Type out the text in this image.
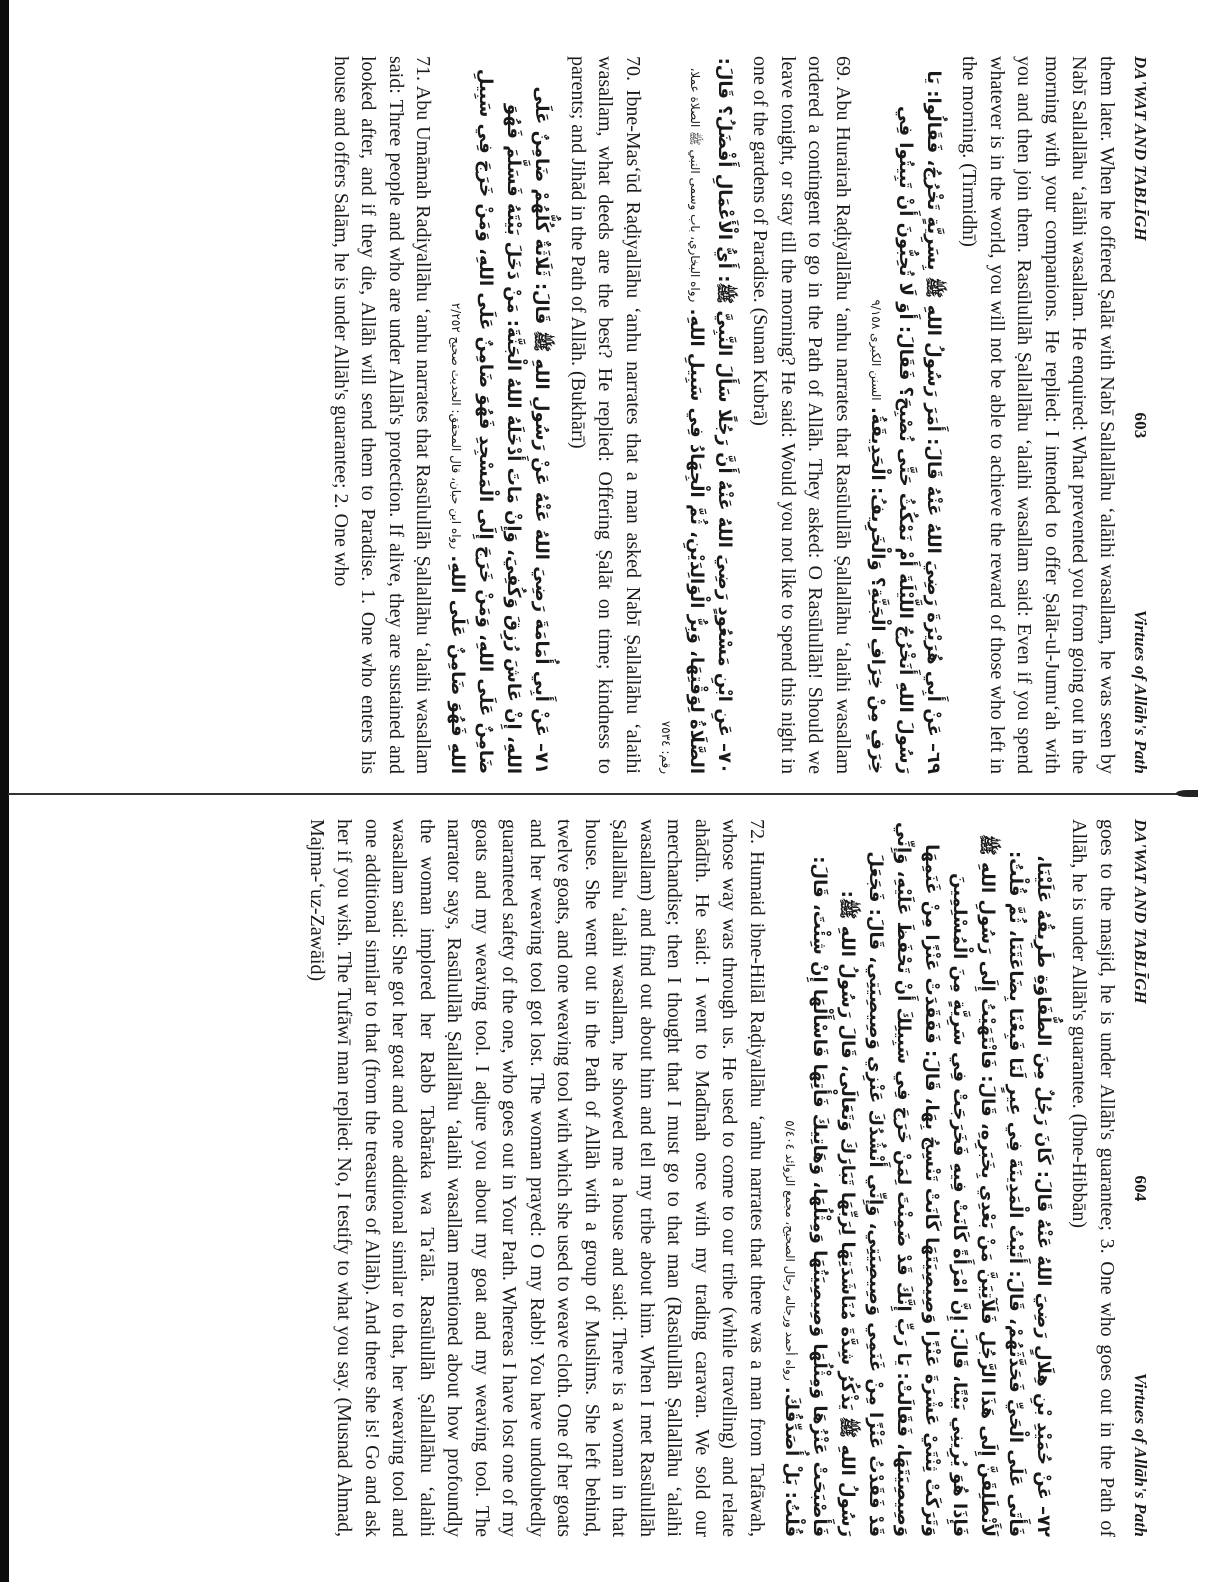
DA'WAT AND TABLĪGH
603
Virtues of Allāh's Path

them later. When he offered Ṣalāt with Nabī Sallallāhu ʻalāihi wasallam, he was seen by Nabī Sallallāhu ʻalāihi wasallam. He enquired: What prevented you from going out in the morning with your companions. He replied: I intended to offer Ṣalāt-ul-Jumuʻah with you and then join them. Rasūlullāh Ṣallallāhu ʻalaihi wasallam said: Even if you spend whatever is in the world, you will not be able to achieve the reward of those who left in the morning. (Tirmidhī)

٦٩– عَنْ أَبِي هُرَيْرَةَ رَضِيَ اللهُ عَنْهُ قَالَ: أَمَرَ رَسُولُ اللهِ ﷺ بِسَرِيَّةٍ تَخْرُجُ، فَقَالُوا: يَا رَسُولَ اللهِ أَنَخْرُجُ اللَّيْلَةَ أَمْ نَمْكُثُ حَتَّى نُصْبِحَ؟ فَقَالَ: أَوَ لَا تُحِبُّونَ أَنْ تَبِيتُوا فِي خِرَفٍ مِنْ خِرَافِ الْجَنَّةِ؟ وَالْخَرِيفُ: الْحَدِيقَةُ. السنن الكبرى ٩/١٥٨

69. Abu Hurairah Raḍiyallāhu ʻanhu narrates that Rasūlullāh Ṣallallāhu ʻalaihi wasallam ordered a contingent to go in the Path of Allāh. They asked: O Rasūlullāh! Should we leave tonight, or stay till the morning? He said: Would you not like to spend this night in one of the gardens of Paradise. (Sunan Kubrā)

٧٠– عَنِ ابْنِ مَسْعُودٍ رَضِيَ اللهُ عَنْهُ أَنَّ رَجُلًا سَأَلَ النَّبِيَّ ﷺ: أَيُّ الْأَعْمَالِ أَفْضَلُ؟ قَالَ: الصَّلَاةُ لِوَقْتِهَا، وَبِرُّ الْوَالِدَيْنِ، ثُمَّ الْجِهَادُ فِي سَبِيلِ اللهِ. رواه البخاري، باب وسمى النبي ﷺ الصلاة عملا، رقم: ٧٥٣٤

70. Ibne-Masʻūd Raḍiyallāhu ʻanhu narrates that a man asked Nabī Ṣallallāhu ʻalaihi wasallam, what deeds are the best? He replied: Offering Ṣalāt on time; kindness to parents; and Jihād in the Path of Allāh. (Bukhārī)

٧١– عَنْ أَبِي أُمَامَةَ رَضِيَ اللهُ عَنْهُ عَنْ رَسُولِ اللهِ ﷺ قَالَ: ثَلَاثَةٌ كُلُّهُمْ ضَامِنٌ عَلَى اللهِ، إِنْ عَاشَ رُزِقَ وَكُفِيَ، وَإِنْ مَاتَ أَدْخَلَهُ اللهُ الْجَنَّةَ: مَنْ دَخَلَ بَيْتَهُ فَسَلَّمَ فَهُوَ ضَامِنٌ عَلَى اللهِ، وَمَنْ خَرَجَ إِلَى الْمَسْجِدِ فَهُوَ ضَامِنٌ عَلَى اللهِ، وَمَنْ خَرَجَ فِي سَبِيلِ اللهِ فَهُوَ ضَامِنٌ عَلَى اللهِ. رواه ابن حبان، قال المحقق: الحديث صحيح ٢/٢٥٢

71. Abu Umāmah Radiyallāhu ʻanhu narrates that Rasūlullāh Ṣallallāhu ʻalaihi wasallam said: Three people and who are under Allāh's protection. If alive, they are sustained and looked after, and if they die, Allāh will send them to Paradise. 1. One who enters his house and offers Salām, he is under Allāh's guarantee; 2. One who

DA'WAT AND TABLĪGH
604
Virtues of Allāh's Path

goes to the masjid, he is under Allāh's guarantee; 3. One who goes out in the Path of Allāh, he is under Allāh's guarantee. (Ibne-Hibbān)

٧٢– عَنْ حُمَيْدِ بْنِ هِلَالٍ رَضِيَ اللهُ عَنْهُ قَالَ: كَانَ رَجُلٌ مِنَ الطُّفَاوَةِ طَرِيقُهُ عَلَيْنَا، فَأَتَى عَلَى الْحَيِّ فَحَدَّثَهُمْ، قَالَ: أَتَيْتُ الْمَدِينَةَ فِي عِيرٍ لَنَا فَبِعْنَا بِضَاعَتَنَا، ثُمَّ قُلْتُ: لَأَنْطَلِقَنَّ إِلَى هَذَا الرَّجُلِ فَلَآتِيَنَّ مَنْ بَعْدِي بِخَبَرِهِ، قَالَ: فَانْتَهَيْتُ إِلَى رَسُولِ اللهِ ﷺ فَإِذَا هُوَ يُرِينِي بَيْتًا، قَالَ: إِنَّ امْرَأَةً كَانَتْ فِيهِ فَخَرَجَتْ فِي سَرِيَّةٍ مِنَ الْمُسْلِمِينَ وَتَرَكَتْ ثِنْتَيْ عَشْرَةَ عَنْزًا وَصِيصِيَتَهَا كَانَتْ تَنْسِجُ بِهَا، قَالَ: فَفَقَدَتْ عَنْزًا مِنْ غَنَمِهَا وَصِيصِيَتَهَا، فَقَالَتْ: يَا رَبِّ إِنَّكَ قَدْ ضَمِنْتَ لِمَنْ خَرَجَ فِي سَبِيلِكَ أَنْ تَحْفَظَ عَلَيْهِ، وَإِنِّي قَدْ فَقَدْتُ عَنْزًا مِنْ غَنَمِي وَصِيصِيَتِي، وَإِنِّي أَنْشُدُكَ عَنْزِي وَصِيصِيَتِي، قَالَ: فَجَعَلَ رَسُولُ اللهِ ﷺ يَذْكُرُ شِدَّةَ مُنَاشَدَتِهَا لِرَبِّهَا تَبَارَكَ وَتَعَالَى، قَالَ رَسُولُ اللهِ ﷺ: فَأَصْبَحَتْ عَنْزُهَا وَمِثْلُهَا وَصِيصِيَتُهَا وَمِثْلُهَا، وَهَاتِيكَ فَأْتِهَا فَاسْأَلْهَا إِنْ شِئْتَ، قَالَ: قُلْتُ: بَلْ أُصَدِّقُكَ. رواه أحمد ورجاله رجال الصحيح، مجمع الزوائد ٥/٤٠٤

72. Humaid ibne-Hilāl Raḍiyallāhu ʻanhu narrates that there was a man from Tafāwah, whose way was through us. He used to come to our tribe (while travelling) and relate ahādīth. He said: I went to Madīnah once with my trading caravan. We sold our merchandise; then I thought that I must go to that man (Rasūlullāh Ṣallallāhu ʻalaihi wasallam) and find out about him and tell my tribe about him. When I met Rasūlullāh Ṣallallāhu ʻalaihi wasallam, he showed me a house and said: There is a woman in that house. She went out in the Path of Allāh with a group of Muslims. She left behind, twelve goats, and one weaving tool with which she used to weave cloth. One of her goats and her weaving tool got lost. The woman prayed: O my Rabb! You have undoubtedly guaranteed safety of the one, who goes out in Your Path. Whereas I have lost one of my goats and my weaving tool. I adjure you about my goat and my weaving tool. The narrator says, Rasūlullāh Ṣallallāhu ʻalaihi wasallam mentioned about how profoundly the woman implored her Rabb Tabāraka wa Taʻālā. Rasūlullāh Ṣallallāhu ʻalaihi wasallam said: She got her goat and one additional similar to that, her weaving tool and one additional similar to that (from the treasures of Allāh). And there she is! Go and ask her if you wish. The Tufāwī man replied: No, I testify to what you say. (Musnad Ahmad, Majma-ʻuz-Zawāid)
